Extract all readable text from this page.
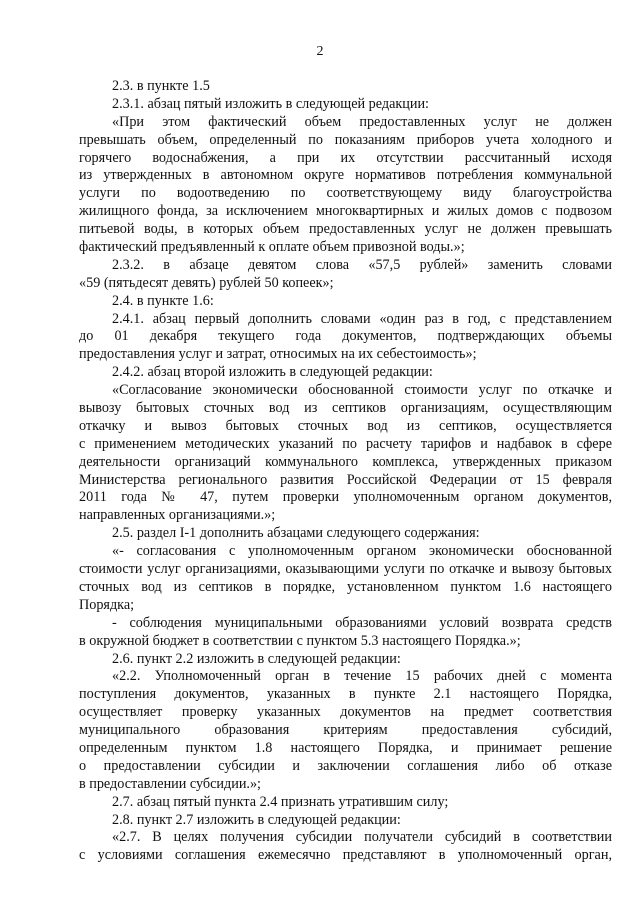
2
2.3. в пункте 1.5
2.3.1. абзац пятый изложить в следующей редакции:
«При этом фактический объем предоставленных услуг не должен
превышать объем, определенный по показаниям приборов учета холодного и
горячего водоснабжения, а при их отсутствии рассчитанный исходя
из утвержденных в автономном округе нормативов потребления коммунальной
услуги по водоотведению по соответствующему виду благоустройства
жилищного фонда, за исключением многоквартирных и жилых домов с подвозом
питьевой воды, в которых объем предоставленных услуг не должен превышать
фактический предъявленный к оплате объем привозной воды.»;
2.3.2. в абзаце девятом слова «57,5 рублей» заменить словами
«59 (пятьдесят девять) рублей 50 копеек»;
2.4. в пункте 1.6:
2.4.1. абзац первый дополнить словами «один раз в год, с представлением
до 01 декабря текущего года документов, подтверждающих объемы
предоставления услуг и затрат, относимых на их себестоимость»;
2.4.2. абзац второй изложить в следующей редакции:
«Согласование экономически обоснованной стоимости услуг по откачке и
вывозу бытовых сточных вод из септиков организациям, осуществляющим
откачку и вывоз бытовых сточных вод из септиков, осуществляется
с применением методических указаний по расчету тарифов и надбавок в сфере
деятельности организаций коммунального комплекса, утвержденных приказом
Министерства регионального развития Российской Федерации от 15 февраля
2011 года № 47, путем проверки уполномоченным органом документов,
направленных организациями.»;
2.5. раздел I-1 дополнить абзацами следующего содержания:
«- согласования с уполномоченным органом экономически обоснованной
стоимости услуг организациями, оказывающими услуги по откачке и вывозу бытовых
сточных вод из септиков в порядке, установленном пунктом 1.6 настоящего
Порядка;
- соблюдения муниципальными образованиями условий возврата средств
в окружной бюджет в соответствии с пунктом 5.3 настоящего Порядка.»;
2.6. пункт 2.2 изложить в следующей редакции:
«2.2. Уполномоченный орган в течение 15 рабочих дней с момента
поступления документов, указанных в пункте 2.1 настоящего Порядка,
осуществляет проверку указанных документов на предмет соответствия
муниципального образования критериям предоставления субсидий,
определенным пунктом 1.8 настоящего Порядка, и принимает решение
о предоставлении субсидии и заключении соглашения либо об отказе
в предоставлении субсидии.»;
2.7. абзац пятый пункта 2.4 признать утратившим силу;
2.8. пункт 2.7 изложить в следующей редакции:
«2.7. В целях получения субсидии получатели субсидий в соответствии
с условиями соглашения ежемесячно представляют в уполномоченный орган,
